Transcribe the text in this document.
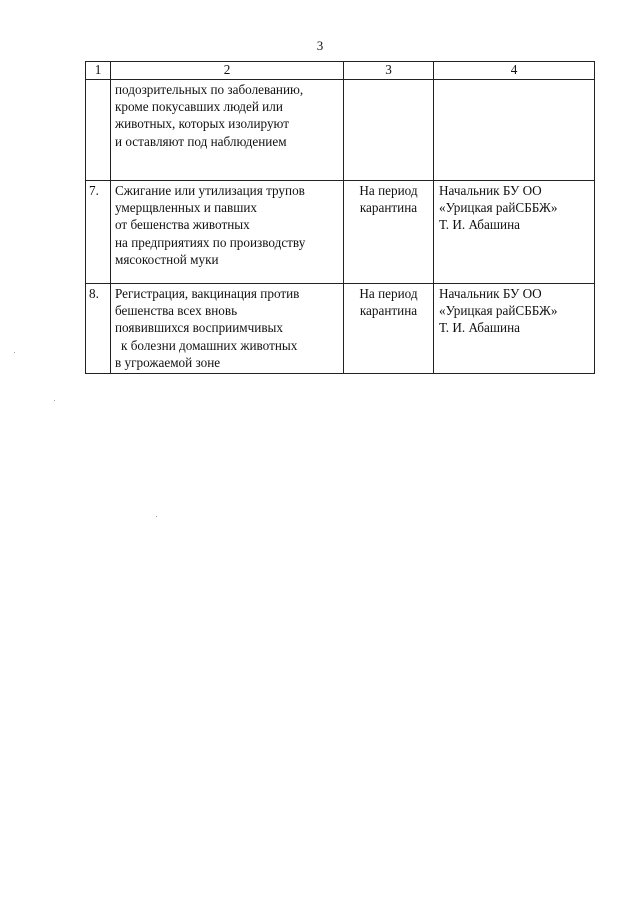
3
1	2	3	4

	подозрительных по заболеванию,
кроме покусавших людей или
животных, которых изолируют
и оставляют под наблюдением		

7.	Сжигание или утилизация трупов
умерщвленных и павших
от бешенства животных
на предприятиях по производству
мясокостной муки	На период
карантина	Начальник БУ ОО
«Урицкая райСББЖ»
Т. И. Абашина

8.	Регистрация, вакцинация против
бешенства всех вновь
появившихся восприимчивых
к болезни домашних животных
в угрожаемой зоне	На период
карантина	Начальник БУ ОО
«Урицкая райСББЖ»
Т. И. Абашина
